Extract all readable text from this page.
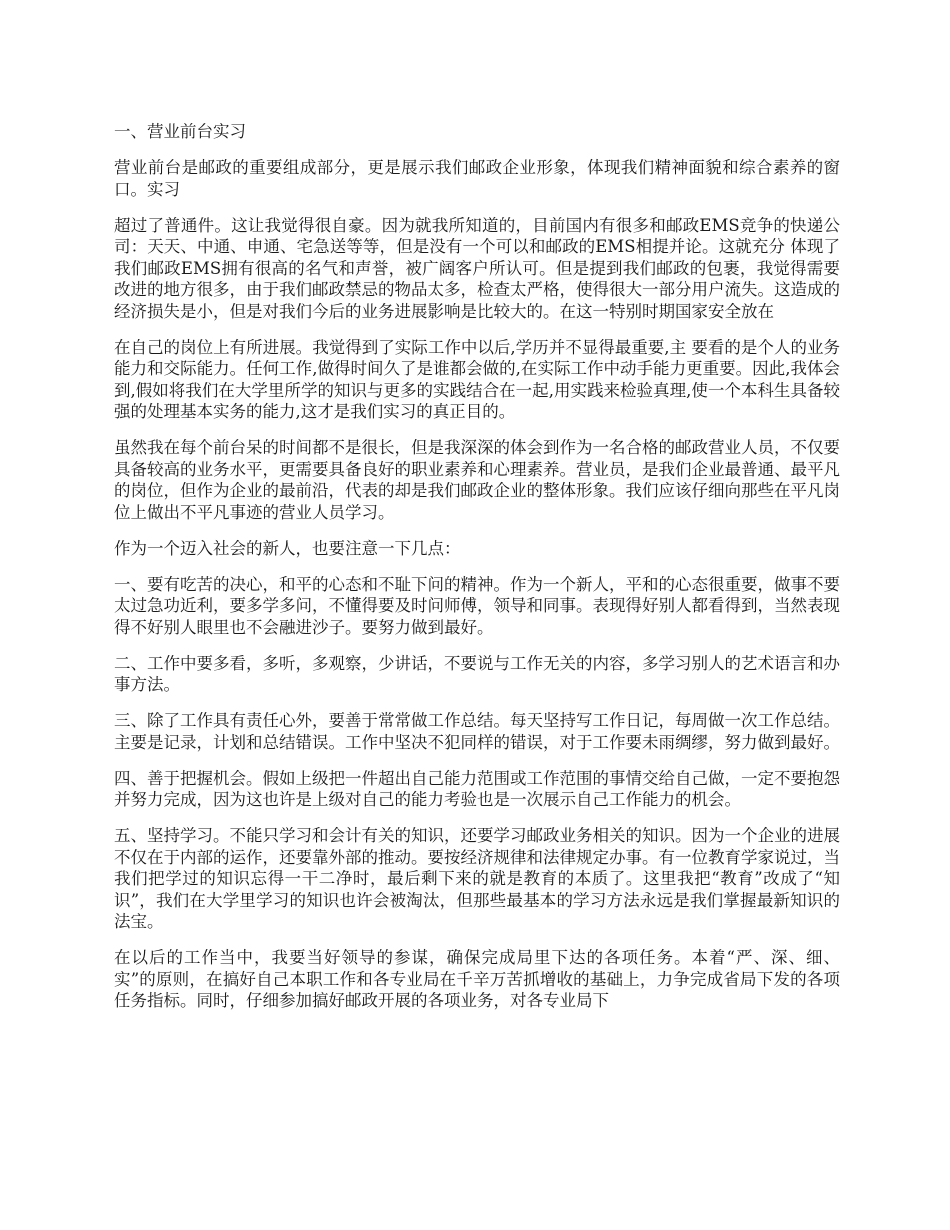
一、营业前台实习

营业前台是邮政的重要组成部分，更是展示我们邮政企业形象，体现我们精神面貌和综合素养的窗口。实习

超过了普通件。这让我觉得很自豪。因为就我所知道的，目前国内有很多和邮政EMS竞争的快递公司：天天、中通、申通、宅急送等等，但是没有一个可以和邮政的EMS相提并论。这就充分 体现了我们邮政EMS拥有很高的名气和声誉，被广阔客户所认可。但是提到我们邮政的包裹，我觉得需要改进的地方很多，由于我们邮政禁忌的物品太多，检查太严格，使得很大一部分用户流失。这造成的经济损失是小，但是对我们今后的业务进展影响是比较大的。在这一特别时期国家安全放在

在自己的岗位上有所进展。我觉得到了实际工作中以后,学历并不显得最重要,主 要看的是个人的业务能力和交际能力。任何工作,做得时间久了是谁都会做的,在实际工作中动手能力更重要。因此,我体会到,假如将我们在大学里所学的知识与更多的实践结合在一起,用实践来检验真理,使一个本科生具备较强的处理基本实务的能力,这才是我们实习的真正目的。

虽然我在每个前台呆的时间都不是很长，但是我深深的体会到作为一名合格的邮政营业人员，不仅要具备较高的业务水平，更需要具备良好的职业素养和心理素养。营业员，是我们企业最普通、最平凡的岗位，但作为企业的最前沿，代表的却是我们邮政企业的整体形象。我们应该仔细向那些在平凡岗位上做出不平凡事迹的营业人员学习。

作为一个迈入社会的新人，也要注意一下几点：

一、要有吃苦的决心，和平的心态和不耻下问的精神。作为一个新人，平和的心态很重要，做事不要太过急功近利，要多学多问，不懂得要及时问师傅，领导和同事。表现得好别人都看得到，当然表现得不好别人眼里也不会融进沙子。要努力做到最好。

二、工作中要多看，多听，多观察，少讲话，不要说与工作无关的内容，多学习别人的艺术语言和办事方法。

三、除了工作具有责任心外，要善于常常做工作总结。每天坚持写工作日记，每周做一次工作总结。主要是记录，计划和总结错误。工作中坚决不犯同样的错误，对于工作要未雨绸缪，努力做到最好。

四、善于把握机会。假如上级把一件超出自己能力范围或工作范围的事情交给自己做，一定不要抱怨并努力完成，因为这也许是上级对自己的能力考验也是一次展示自己工作能力的机会。

五、坚持学习。不能只学习和会计有关的知识，还要学习邮政业务相关的知识。因为一个企业的进展不仅在于内部的运作，还要靠外部的推动。要按经济规律和法律规定办事。有一位教育学家说过，当我们把学过的知识忘得一干二净时，最后剩下来的就是教育的本质了。这里我把“教育”改成了“知识”，我们在大学里学习的知识也许会被淘汰，但那些最基本的学习方法永远是我们掌握最新知识的法宝。

在以后的工作当中，我要当好领导的参谋，确保完成局里下达的各项任务。本着“严、深、细、实”的原则，在搞好自己本职工作和各专业局在千辛万苦抓增收的基础上，力争完成省局下发的各项任务指标。同时，仔细参加搞好邮政开展的各项业务，对各专业局下
